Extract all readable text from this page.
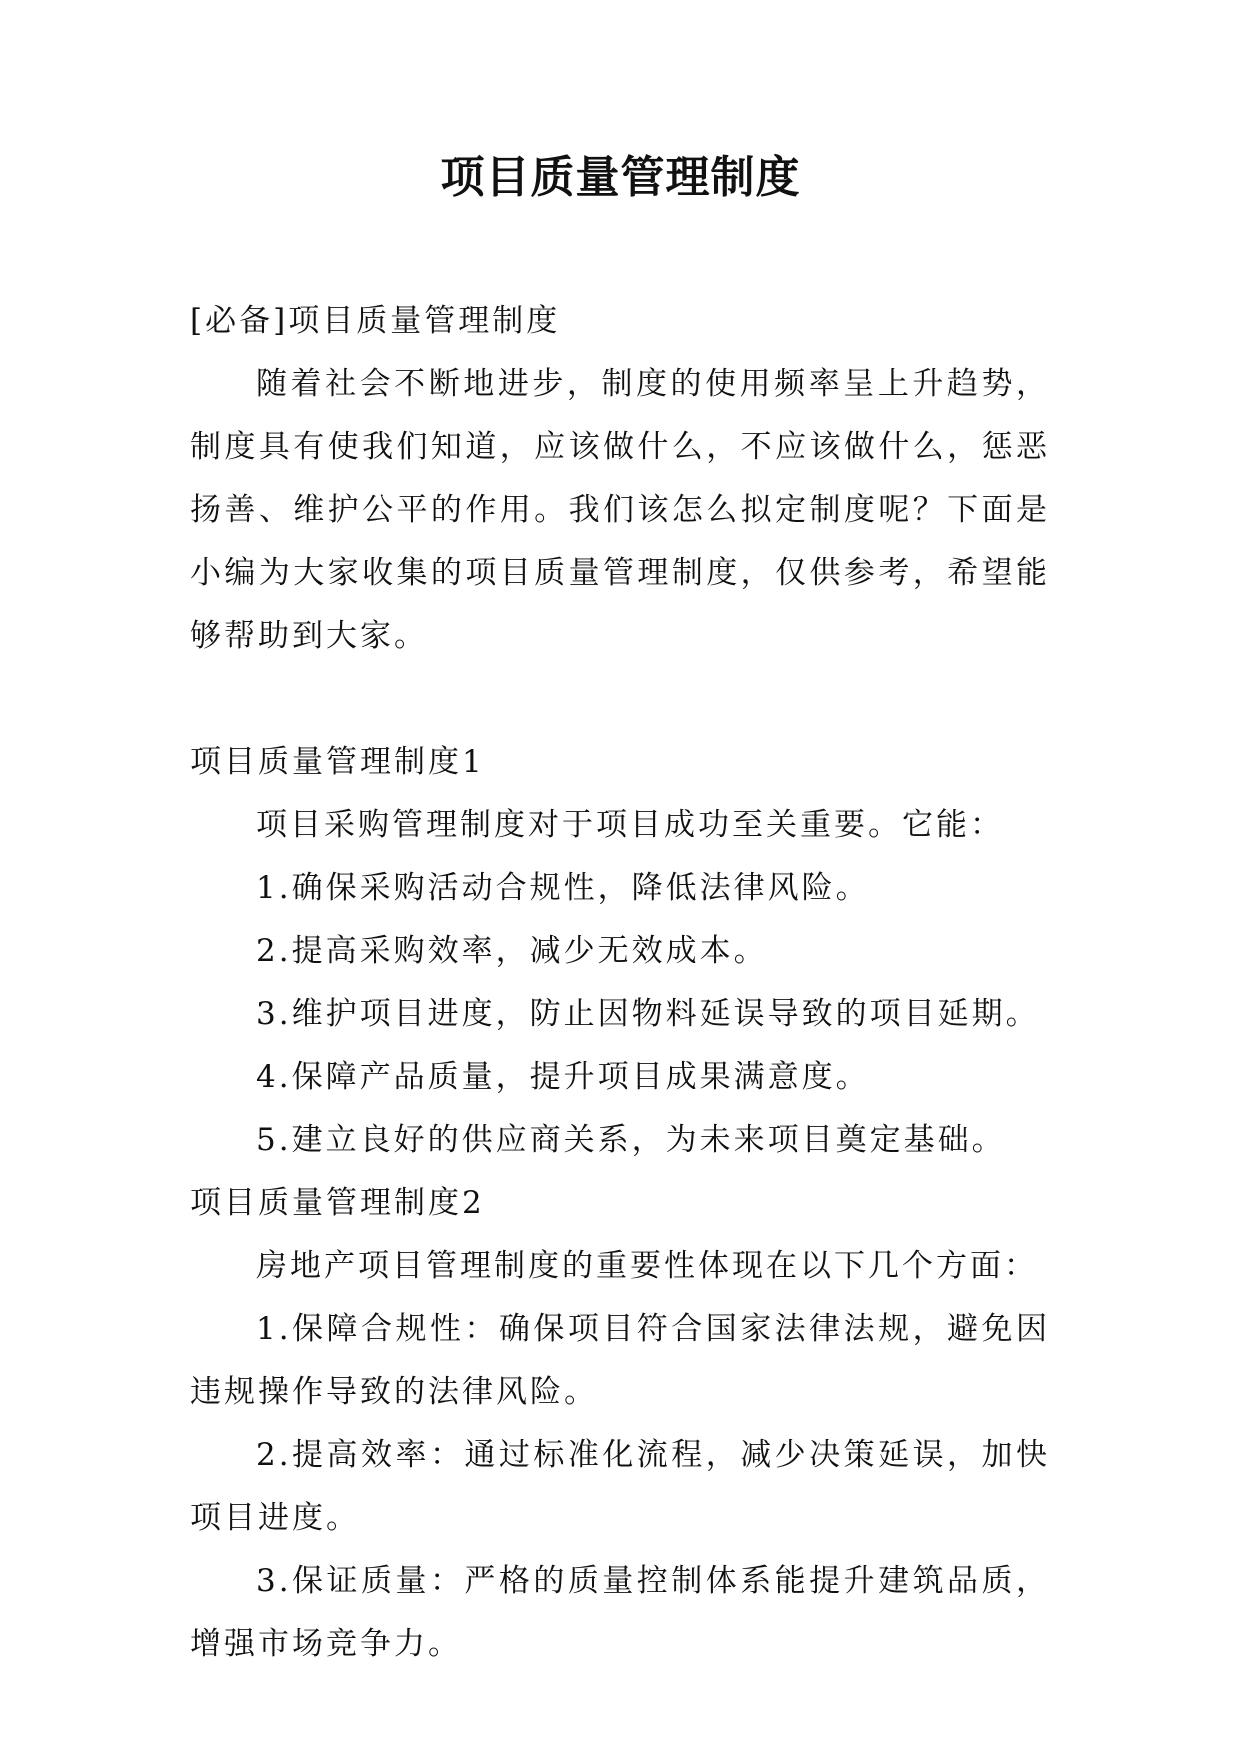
项目质量管理制度

[必备]项目质量管理制度

随着社会不断地进步，制度的使用频率呈上升趋势，制度具有使我们知道，应该做什么，不应该做什么，惩恶扬善、维护公平的作用。我们该怎么拟定制度呢？下面是小编为大家收集的项目质量管理制度，仅供参考，希望能够帮助到大家。

项目质量管理制度1

项目采购管理制度对于项目成功至关重要。它能：

1.确保采购活动合规性，降低法律风险。

2.提高采购效率，减少无效成本。

3.维护项目进度，防止因物料延误导致的项目延期。

4.保障产品质量，提升项目成果满意度。

5.建立良好的供应商关系，为未来项目奠定基础。

项目质量管理制度2

房地产项目管理制度的重要性体现在以下几个方面：

1.保障合规性：确保项目符合国家法律法规，避免因违规操作导致的法律风险。

2.提高效率：通过标准化流程，减少决策延误，加快项目进度。

3.保证质量：严格的质量控制体系能提升建筑品质，增强市场竞争力。
